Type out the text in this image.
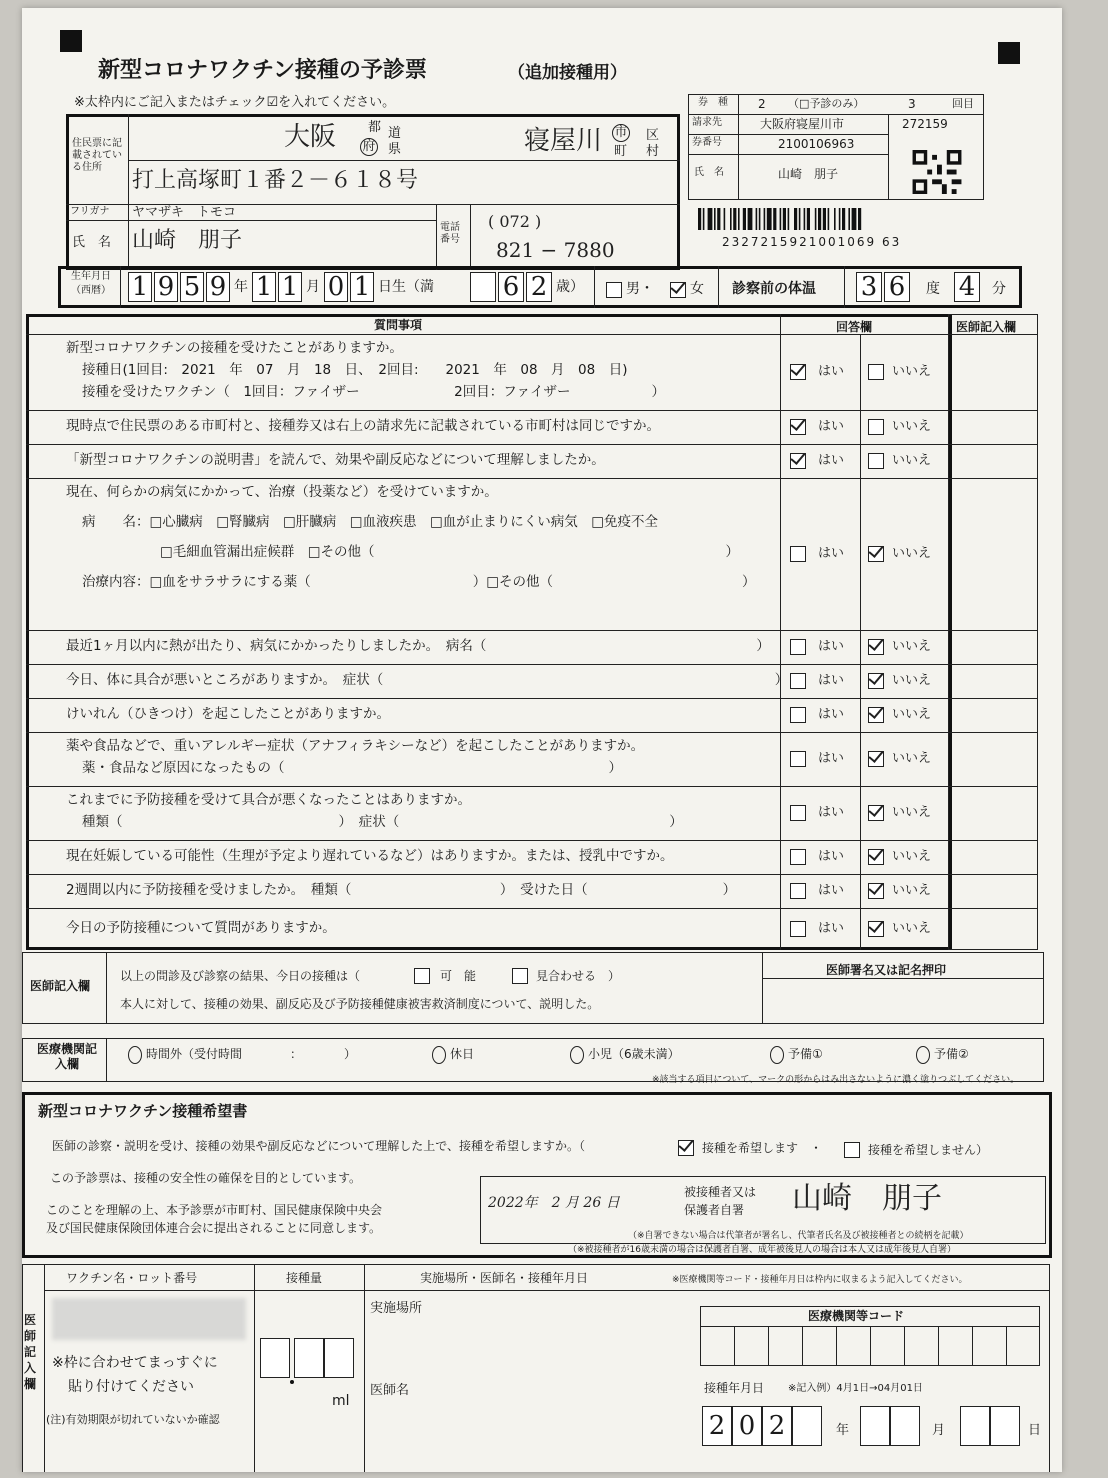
新型コロナワクチン接種の予診票	（追加接種用）
※太枠内にご記入またはチェック☑を入れてください。	券　種	2 （□予診のみ）	3	回目
請求先	大阪府寝屋川市	272159
券番号	2100106963
氏　名	山崎　朋子
2327215921001069 63
住民票に記載されている住所
大阪 都 道
府 県	寝屋川 市 区
町 村
打上高塚町１番２－６１８号
フリガナ ヤマザキ　トモコ
氏　名 山崎　朋子
電話番号
( 072 )
821 − 7880
生年月日（西暦） 1 9 5 9 年 1 1 月 0 1 日生（満	6 2 歳）	男・	女 診察前の体温 3 6	度 4	分
質問事項	回答欄	医師記入欄
医師記入欄
以上の問診及び診察の結果、今日の接種は（	可　能	見合わせる　）
本人に対して、接種の効果、副反応及び予防接種健康被害救済制度について、説明した。
医師署名又は記名押印
医療機関記入欄
※該当する項目について、マークの形からはみ出さないように濃く塗りつぶしてください。
新型コロナワクチン接種希望書
医師の診察・説明を受け、接種の効果や副反応などについて理解した上で、接種を希望しますか。（	接種を希望します　・	接種を希望しません）
この予診票は、接種の安全性の確保を目的としています。
このことを理解の上、本予診票が市町村、国民健康保険中央会
及び国民健康保険団体連合会に提出されることに同意します。
2022年　2 月 26 日
被接種者又は
保護者自署 山崎　朋子
（※自署できない場合は代筆者が署名し、代筆者氏名及び被接種者との続柄を記載）
（※被接種者が16歳未満の場合は保護者自署、成年被後見人の場合は本人又は成年後見人自署）
医師記入欄
ワクチン名・ロット番号	接種量	実施場所・医師名・接種年月日	※医療機関等コード・接種年月日は枠内に収まるよう記入してください。
※枠に合わせてまっすぐに
貼り付けてください
(注)有効期限が切れていないか確認
ml
実施場所
医師名
医療機関等コード
接種年月日 ※記入例）4月1日→04月01日
2 0 2	年	月	日
新型コロナワクチンの接種を受けたことがありますか。
接種日(1回目:　2021　年　07　月　18　日、　2回目:　　2021　年　08　月　08　日)
接種を受けたワクチン（　1回目：ファイザー　　　　　　　2回目：ファイザー　　　　　　）
はい	いいえ
現時点で住民票のある市町村と、接種券又は右上の請求先に記載されている市町村は同じですか。	はい	いいえ
「新型コロナワクチンの説明書」を読んで、効果や副反応などについて理解しましたか。	はい	いいえ
現在、何らかの病気にかかって、治療（投薬など）を受けていますか。
病　　名：□心臓病　□腎臓病　□肝臓病　□血液疾患　□血が止まりにくい病気　□免疫不全
□毛細血管漏出症候群　□その他（　　　　　　　　　　　　　　　　　　　　　　　　　　）
治療内容：□血をサラサラにする薬（　　　　　　　　　　　　）□その他（　　　　　　　　　　　　　　）
はい	いいえ
最近1ヶ月以内に熱が出たり、病気にかかったりしましたか。　病名（　　　　　　　　　　　　　　　　　　　　）	はい	いいえ
今日、体に具合が悪いところがありますか。　症状（　　　　　　　　　　　　　　　　　　　　　　　　　　　　　） はい	いいえ
けいれん（ひきつけ）を起こしたことがありますか。	はい	いいえ
薬や食品などで、重いアレルギー症状（アナフィラキシーなど）を起こしたことがありますか。
薬・食品など原因になったもの（　　　　　　　　　　　　　　　　　　　　　　　　）
はい	いいえ
これまでに予防接種を受けて具合が悪くなったことはありますか。
種類（　　　　　　　　　　　　　　　　）　症状（　　　　　　　　　　　　　　　　　　　　）
はい	いいえ
現在妊娠している可能性（生理が予定より遅れているなど）はありますか。または、授乳中ですか。	はい	いいえ
2週間以内に予防接種を受けましたか。　種類（　　　　　　　　　　　）　受けた日（　　　　　　　　　　）	はい	いいえ
今日の予防接種について質問がありますか。	はい	いいえ
時間外（受付時間　　　　：　　　　）	休日	小児（6歳未満）	予備①	予備②
